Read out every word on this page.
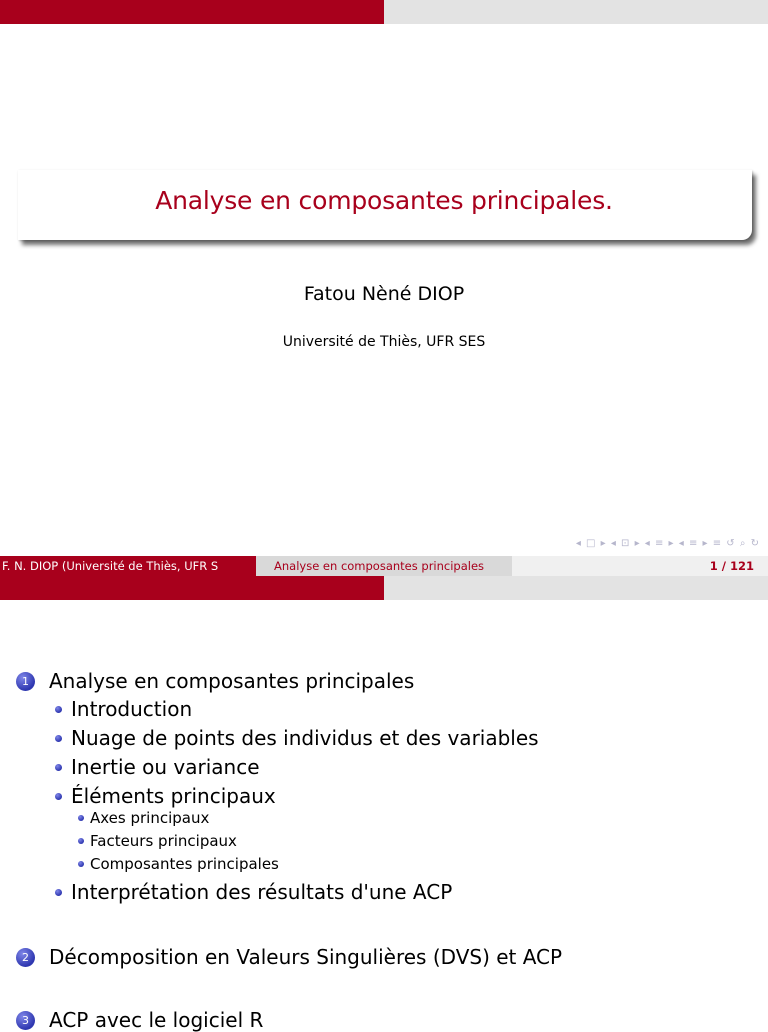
Analyse en composantes principales.
Fatou Nèné DIOP
Université de Thiès, UFR SES
◂ □ ▸ ◂ ⊡ ▸ ◂ ≡ ▸ ◂ ≡ ▸ ≡ ↺ ⌕ ↻
F. N. DIOP (Université de Thiès, UFR S	Analyse en composantes principales	1 / 121
1	Analyse en composantes principales
Introduction
Nuage de points des individus et des variables
Inertie ou variance
Éléments principaux
Axes principaux
Facteurs principaux
Composantes principales
Interprétation des résultats d'une ACP
2	Décomposition en Valeurs Singulières (DVS) et ACP
3	ACP avec le logiciel R
